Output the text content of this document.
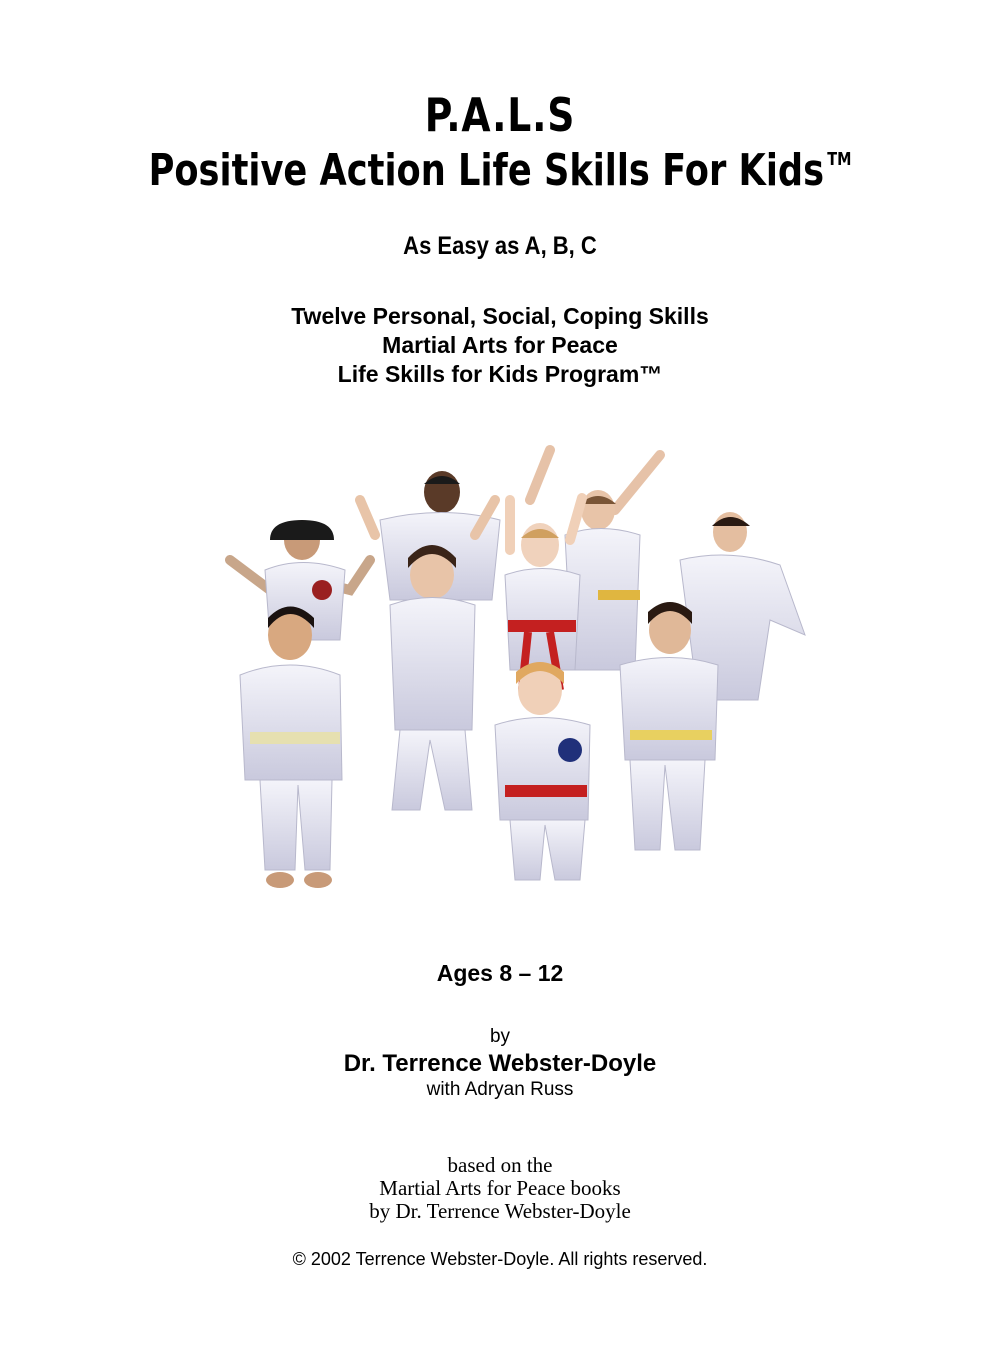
P.A.L.S
Positive Action Life Skills For Kids ™
As Easy as A, B, C
Twelve Personal, Social, Coping Skills
Martial Arts for Peace
Life Skills for Kids Program™
Ages 8 – 12
by
Dr. Terrence Webster-Doyle
with Adryan Russ
based on the
Martial Arts for Peace books
by Dr. Terrence Webster-Doyle
© 2002 Terrence Webster-Doyle. All rights reserved.
